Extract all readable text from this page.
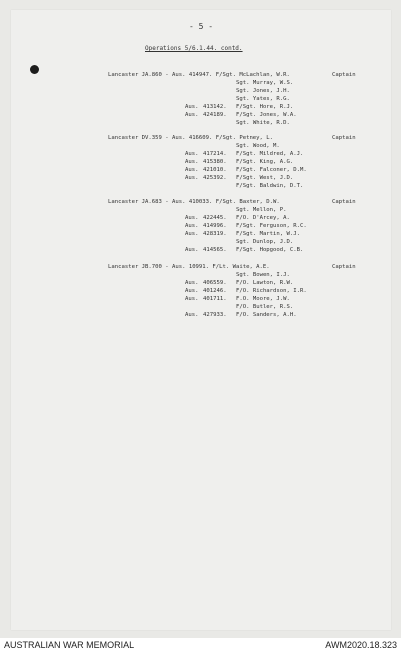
- 5 -
Operations 5/6.1.44. contd.
Lancaster JA.860 - Aus. 414947. F/Sgt. McLachlan, W.R.	Captain
Sgt. Murray, W.S.
Sgt. Jones, J.H.
Sgt. Yates, R.G.
Aus. 413142. F/Sgt. Hore, R.J.
Aus. 424189. F/Sgt. Jones, W.A.
Sgt. White, R.D.
Lancaster DV.359 - Aus. 416609. F/Sgt. Petney, L.	Captain
Sgt. Wood, M.
Aus. 417214. F/Sgt. Mildred, A.J.
Aus. 415380. F/Sgt. King, A.G.
Aus. 421010. F/Sgt. Falconer, D.M.
Aus. 425392. F/Sgt. West, J.D.
F/Sgt. Baldwin, D.T.
Lancaster JA.683 - Aus. 410033. F/Sgt. Baxter, D.W.	Captain
Sgt. Mellon, P.
Aus. 422445. F/O. D'Arcey, A.
Aus. 414996. F/Sgt. Ferguson, R.C.
Aus. 428319. F/Sgt. Martin, W.J.
Sgt. Dunlop, J.D.
Aus. 414565. F/Sgt. Hopgood, C.B.
Lancaster JB.700 - Aus. 10991. F/Lt. Waite, A.E.	Captain
Sgt. Bowen, I.J.
Aus. 406559. F/O. Lawton, R.W.
Aus. 401246. F/O. Richardson, I.R.
Aus. 401711. F.O. Moore, J.W.
F/O. Butler, R.S.
Aus. 427933. F/O. Sanders, A.H.
AUSTRALIAN WAR MEMORIAL	AWM2020.18.323
